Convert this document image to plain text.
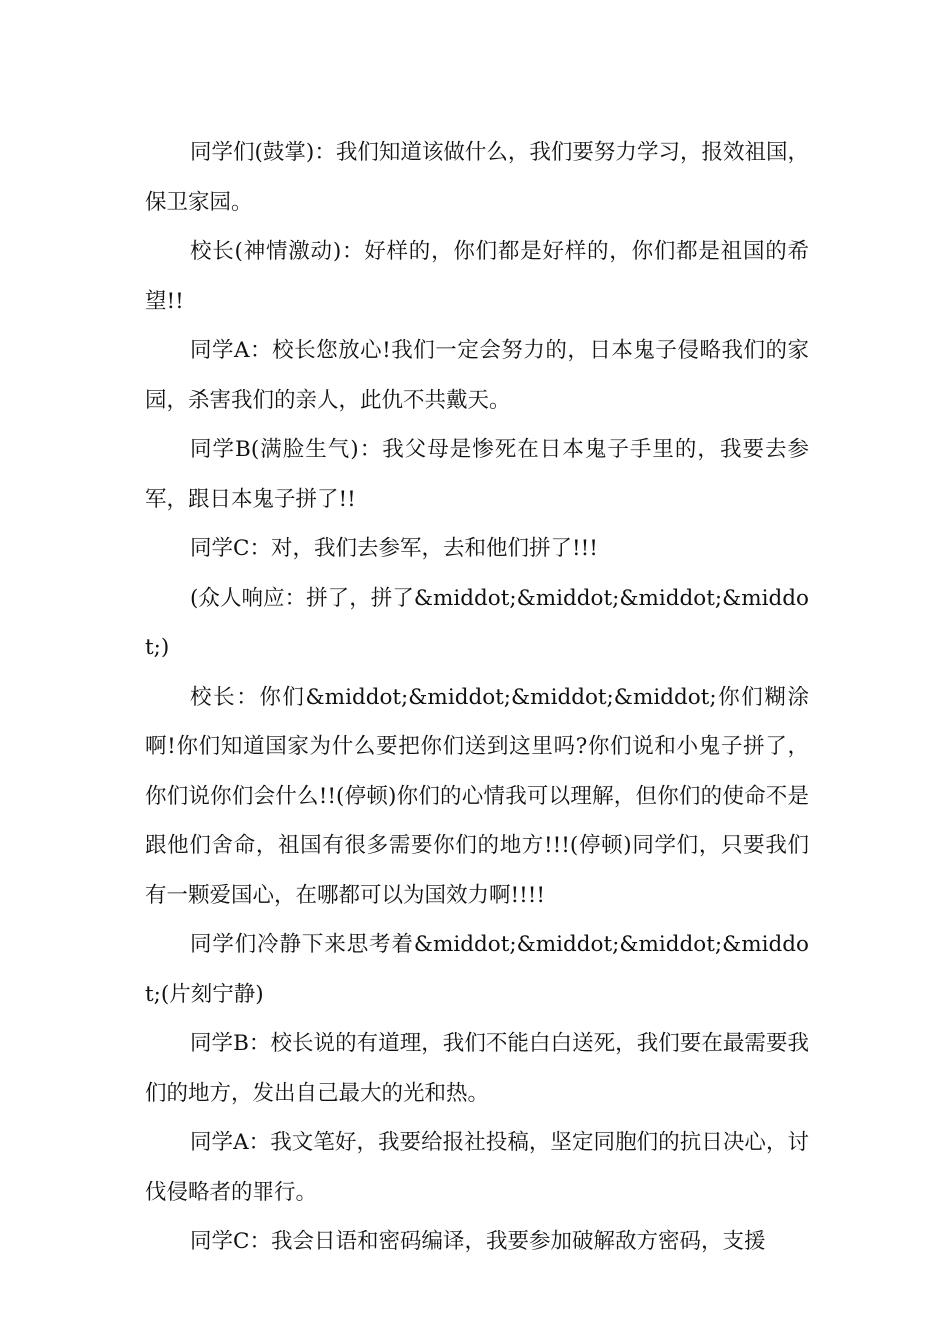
同学们(鼓掌)：我们知道该做什么，我们要努力学习，报效祖国，保卫家园。

校长(神情激动)：好样的，你们都是好样的，你们都是祖国的希望!!

同学A：校长您放心!我们一定会努力的，日本鬼子侵略我们的家园，杀害我们的亲人，此仇不共戴天。

同学B(满脸生气)：我父母是惨死在日本鬼子手里的，我要去参军，跟日本鬼子拼了!!

同学C：对，我们去参军，去和他们拼了!!!

(众人响应：拼了，拼了&middot;&middot;&middot;&middot;)

校长：你们&middot;&middot;&middot;&middot;你们糊涂啊!你们知道国家为什么要把你们送到这里吗?你们说和小鬼子拼了，你们说你们会什么!!(停顿)你们的心情我可以理解，但你们的使命不是跟他们舍命，祖国有很多需要你们的地方!!!(停顿)同学们，只要我们有一颗爱国心，在哪都可以为国效力啊!!!!

同学们冷静下来思考着&middot;&middot;&middot;&middot;(片刻宁静)

同学B：校长说的有道理，我们不能白白送死，我们要在最需要我们的地方，发出自己最大的光和热。

同学A：我文笔好，我要给报社投稿，坚定同胞们的抗日决心，讨伐侵略者的罪行。

同学C：我会日语和密码编译，我要参加破解敌方密码，支援
